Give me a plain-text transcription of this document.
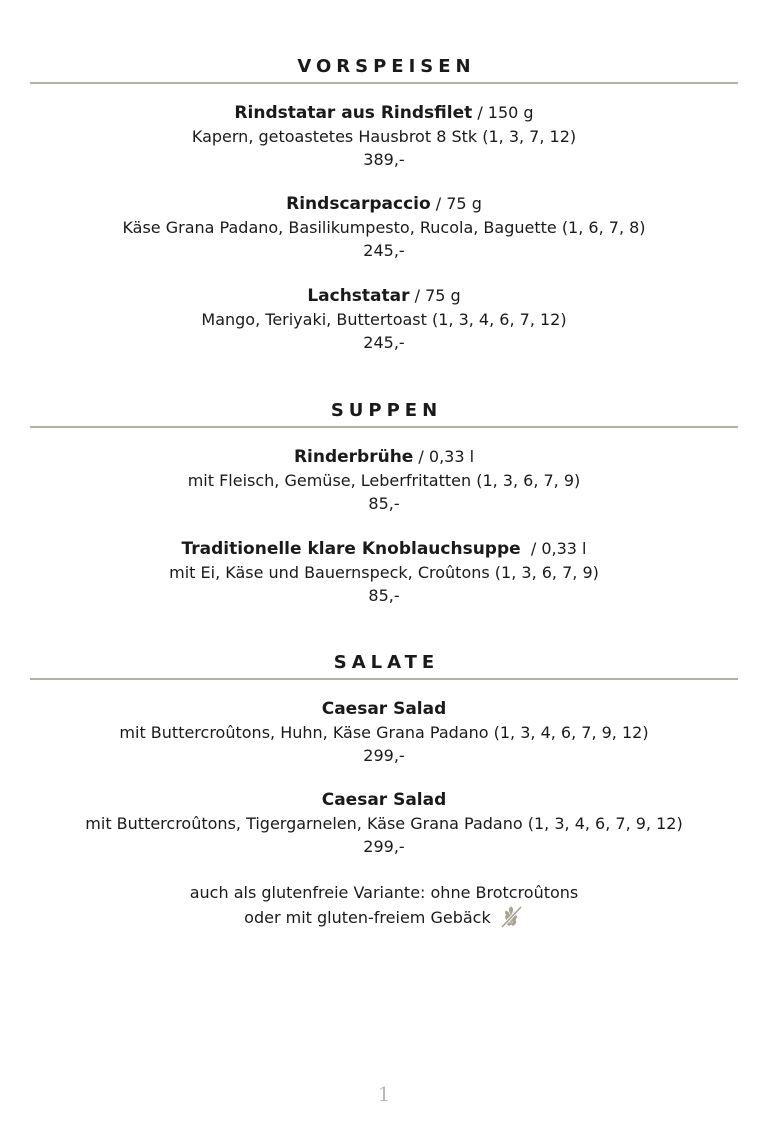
VORSPEISEN
Rindstatar aus Rindsfilet / 150 g
Kapern, getoastetes Hausbrot 8 Stk (1, 3, 7, 12)
389,-
Rindscarpaccio / 75 g
Käse Grana Padano, Basilikumpesto, Rucola, Baguette (1, 6, 7, 8)
245,-
Lachstatar / 75 g
Mango, Teriyaki, Buttertoast (1, 3, 4, 6, 7, 12)
245,-
SUPPEN
Rinderbrühe / 0,33 l
mit Fleisch, Gemüse, Leberfritatten (1, 3, 6, 7, 9)
85,-
Traditionelle klare Knoblauchsuppe  / 0,33 l
mit Ei, Käse und Bauernspeck, Croûtons (1, 3, 6, 7, 9)
85,-
SALATE
Caesar Salad
mit Buttercroûtons, Huhn, Käse Grana Padano (1, 3, 4, 6, 7, 9, 12)
299,-
Caesar Salad
mit Buttercroûtons, Tigergarnelen, Käse Grana Padano (1, 3, 4, 6, 7, 9, 12)
299,-
auch als glutenfreie Variante: ohne Brotcroûtons
oder mit gluten-freiem Gebäck
1
